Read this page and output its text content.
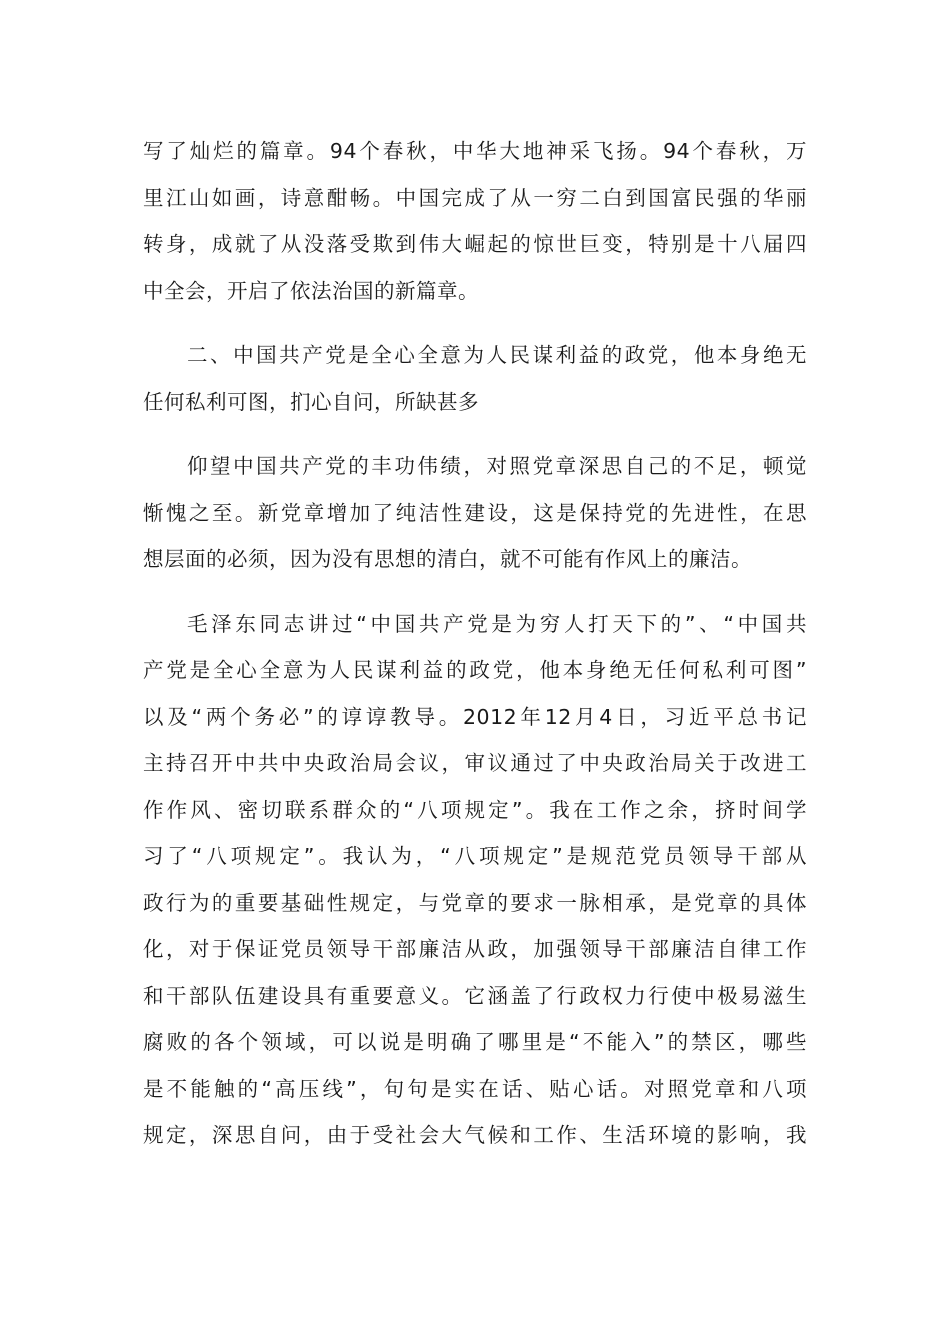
写了灿烂的篇章。94个春秋，中华大地神采飞扬。94个春秋，万
里江山如画，诗意酣畅。中国完成了从一穷二白到国富民强的华丽
转身，成就了从没落受欺到伟大崛起的惊世巨变，特别是十八届四
中全会，开启了依法治国的新篇章。
二、中国共产党是全心全意为人民谋利益的政党，他本身绝无
任何私利可图，扪心自问，所缺甚多
仰望中国共产党的丰功伟绩，对照党章深思自己的不足，顿觉
惭愧之至。新党章增加了纯洁性建设，这是保持党的先进性，在思
想层面的必须，因为没有思想的清白，就不可能有作风上的廉洁。
毛泽东同志讲过“中国共产党是为穷人打天下的”、“中国共
产党是全心全意为人民谋利益的政党，他本身绝无任何私利可图”
以及“两个务必”的谆谆教导。2012年12月4日，习近平总书记
主持召开中共中央政治局会议，审议通过了中央政治局关于改进工
作作风、密切联系群众的“八项规定”。我在工作之余，挤时间学
习了“八项规定”。我认为，“八项规定”是规范党员领导干部从
政行为的重要基础性规定，与党章的要求一脉相承，是党章的具体
化，对于保证党员领导干部廉洁从政，加强领导干部廉洁自律工作
和干部队伍建设具有重要意义。它涵盖了行政权力行使中极易滋生
腐败的各个领域，可以说是明确了哪里是“不能入”的禁区，哪些
是不能触的“高压线”，句句是实在话、贴心话。对照党章和八项
规定，深思自问，由于受社会大气候和工作、生活环境的影响，我
